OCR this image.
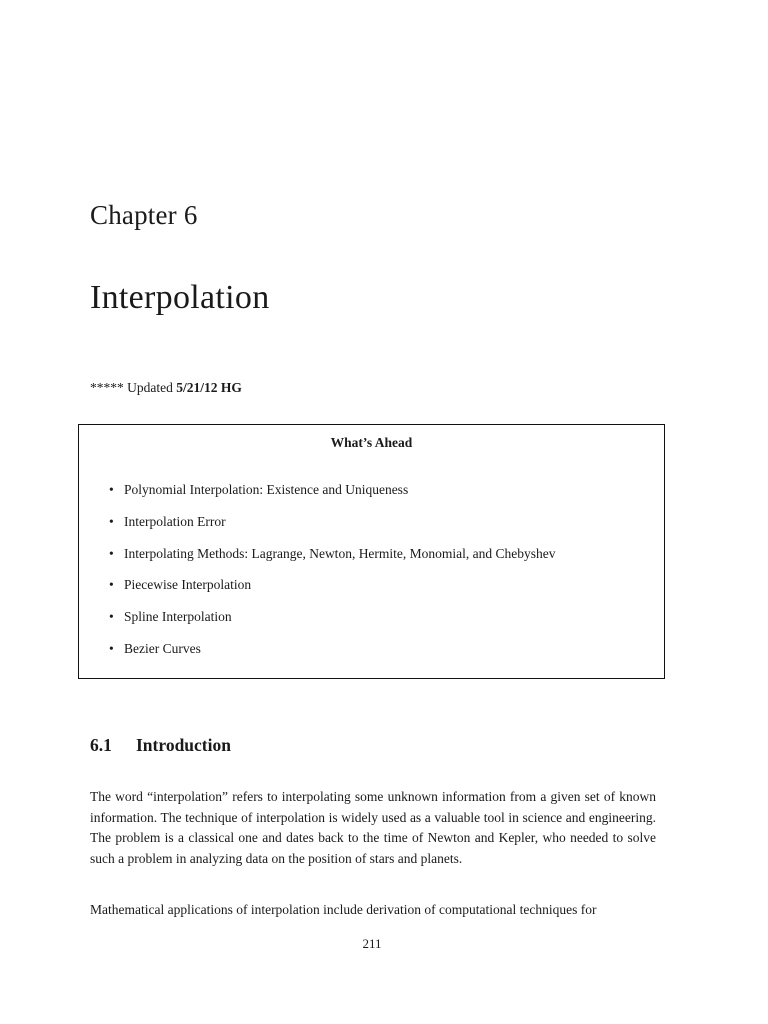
Chapter 6
Interpolation
***** Updated 5/21/12 HG
What’s Ahead
• Polynomial Interpolation: Existence and Uniqueness
• Interpolation Error
• Interpolating Methods: Lagrange, Newton, Hermite, Monomial, and Chebyshev
• Piecewise Interpolation
• Spline Interpolation
• Bezier Curves
6.1 Introduction

The word “interpolation” refers to interpolating some unknown information from a given set of known information. The technique of interpolation is widely used as a valuable tool in science and engineering. The problem is a classical one and dates back to the time of Newton and Kepler, who needed to solve such a problem in analyzing data on the position of stars and planets.

Mathematical applications of interpolation include derivation of computational techniques for

211
